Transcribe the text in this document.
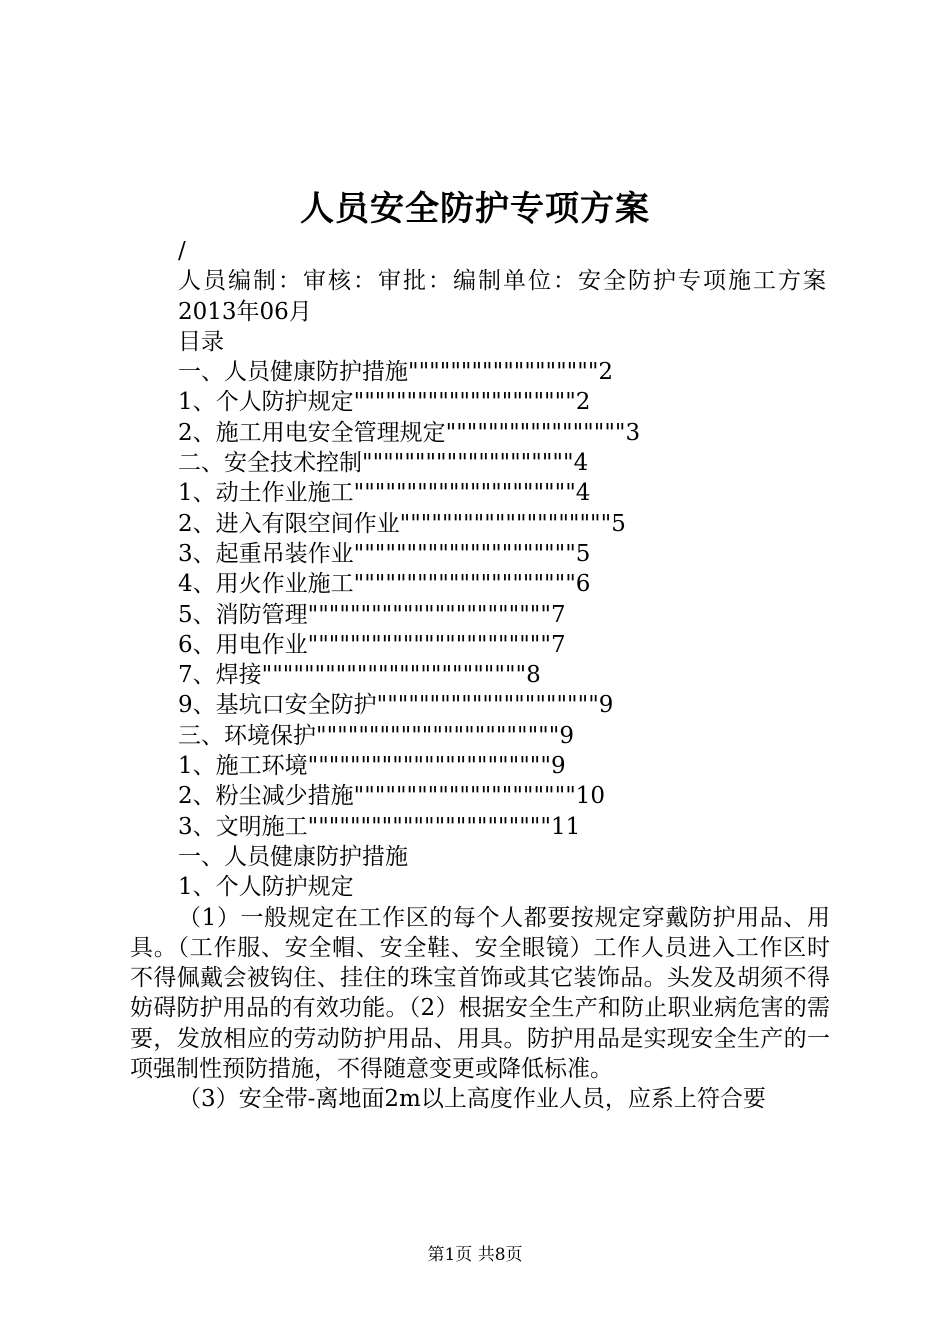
人员安全防护专项方案
/
人员编制：审核：审批：编制单位：安全防护专项施工方案
2013年06月
目录
一、人员健康防护措施""""""""""""""""""2
1、个人防护规定"""""""""""""""""""""2
2、施工用电安全管理规定"""""""""""""""""3
二、安全技术控制""""""""""""""""""""4
1、动土作业施工"""""""""""""""""""""4
2、进入有限空间作业""""""""""""""""""""5
3、起重吊装作业"""""""""""""""""""""5
4、用火作业施工"""""""""""""""""""""6
5、消防管理"""""""""""""""""""""""7
6、用电作业"""""""""""""""""""""""7
7、焊接"""""""""""""""""""""""""8
9、基坑口安全防护"""""""""""""""""""""9
三、环境保护"""""""""""""""""""""""9
1、施工环境"""""""""""""""""""""""9
2、粉尘减少措施"""""""""""""""""""""10
3、文明施工"""""""""""""""""""""""11
一、人员健康防护措施
1、个人防护规定
（1）一般规定在工作区的每个人都要按规定穿戴防护用品、用具。（工作服、安全帽、安全鞋、安全眼镜）工作人员进入工作区时不得佩戴会被钩住、挂住的珠宝首饰或其它装饰品。头发及胡须不得妨碍防护用品的有效功能。（2）根据安全生产和防止职业病危害的需要，发放相应的劳动防护用品、用具。防护用品是实现安全生产的一项强制性预防措施，不得随意变更或降低标准。
（3）安全带-离地面2m以上高度作业人员，应系上符合要
第1页 共8页
